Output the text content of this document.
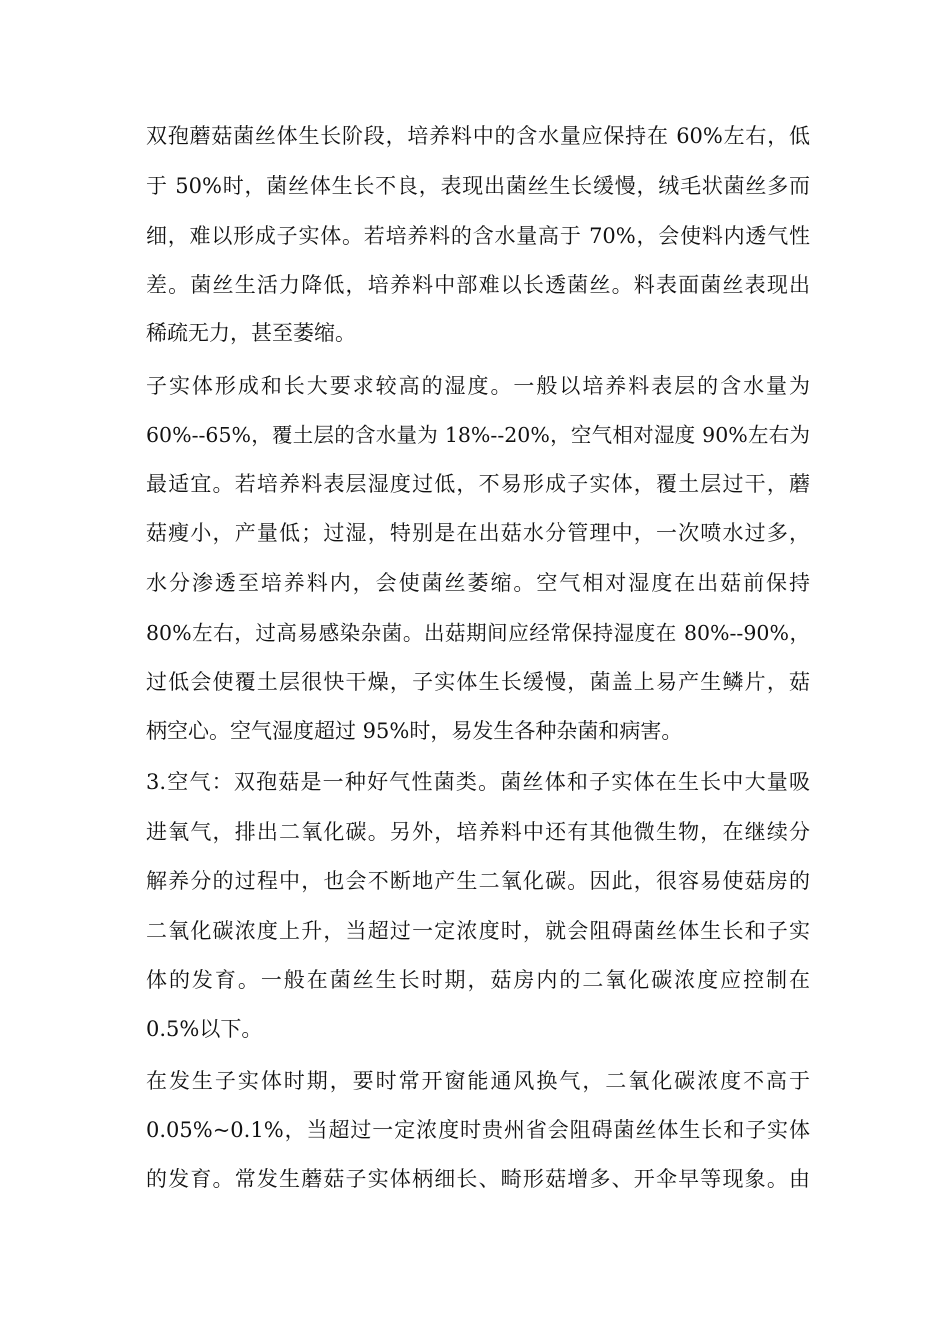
双孢蘑菇菌丝体生长阶段，培养料中的含水量应保持在 60%左右，低
于 50%时，菌丝体生长不良，表现出菌丝生长缓慢，绒毛状菌丝多而
细，难以形成子实体。若培养料的含水量高于 70%，会使料内透气性
差。菌丝生活力降低，培养料中部难以长透菌丝。料表面菌丝表现出
稀疏无力，甚至萎缩。
子实体形成和长大要求较高的湿度。一般以培养料表层的含水量为
60%--65%，覆土层的含水量为 18%--20%，空气相对湿度 90%左右为
最适宜。若培养料表层湿度过低，不易形成子实体，覆土层过干，蘑
菇瘦小，产量低；过湿，特别是在出菇水分管理中，一次喷水过多，
水分渗透至培养料内，会使菌丝萎缩。空气相对湿度在出菇前保持
80%左右，过高易感染杂菌。出菇期间应经常保持湿度在 80%--90%，
过低会使覆土层很快干燥，子实体生长缓慢，菌盖上易产生鳞片，菇
柄空心。空气湿度超过 95%时，易发生各种杂菌和病害。
3.空气：双孢菇是一种好气性菌类。菌丝体和子实体在生长中大量吸
进氧气，排出二氧化碳。另外，培养料中还有其他微生物，在继续分
解养分的过程中，也会不断地产生二氧化碳。因此，很容易使菇房的
二氧化碳浓度上升，当超过一定浓度时，就会阻碍菌丝体生长和子实
体的发育。一般在菌丝生长时期，菇房内的二氧化碳浓度应控制在
0.5%以下。
在发生子实体时期，要时常开窗能通风换气，二氧化碳浓度不高于
0.05%~0.1%，当超过一定浓度时贵州省会阻碍菌丝体生长和子实体
的发育。常发生蘑菇子实体柄细长、畸形菇增多、开伞早等现象。由
